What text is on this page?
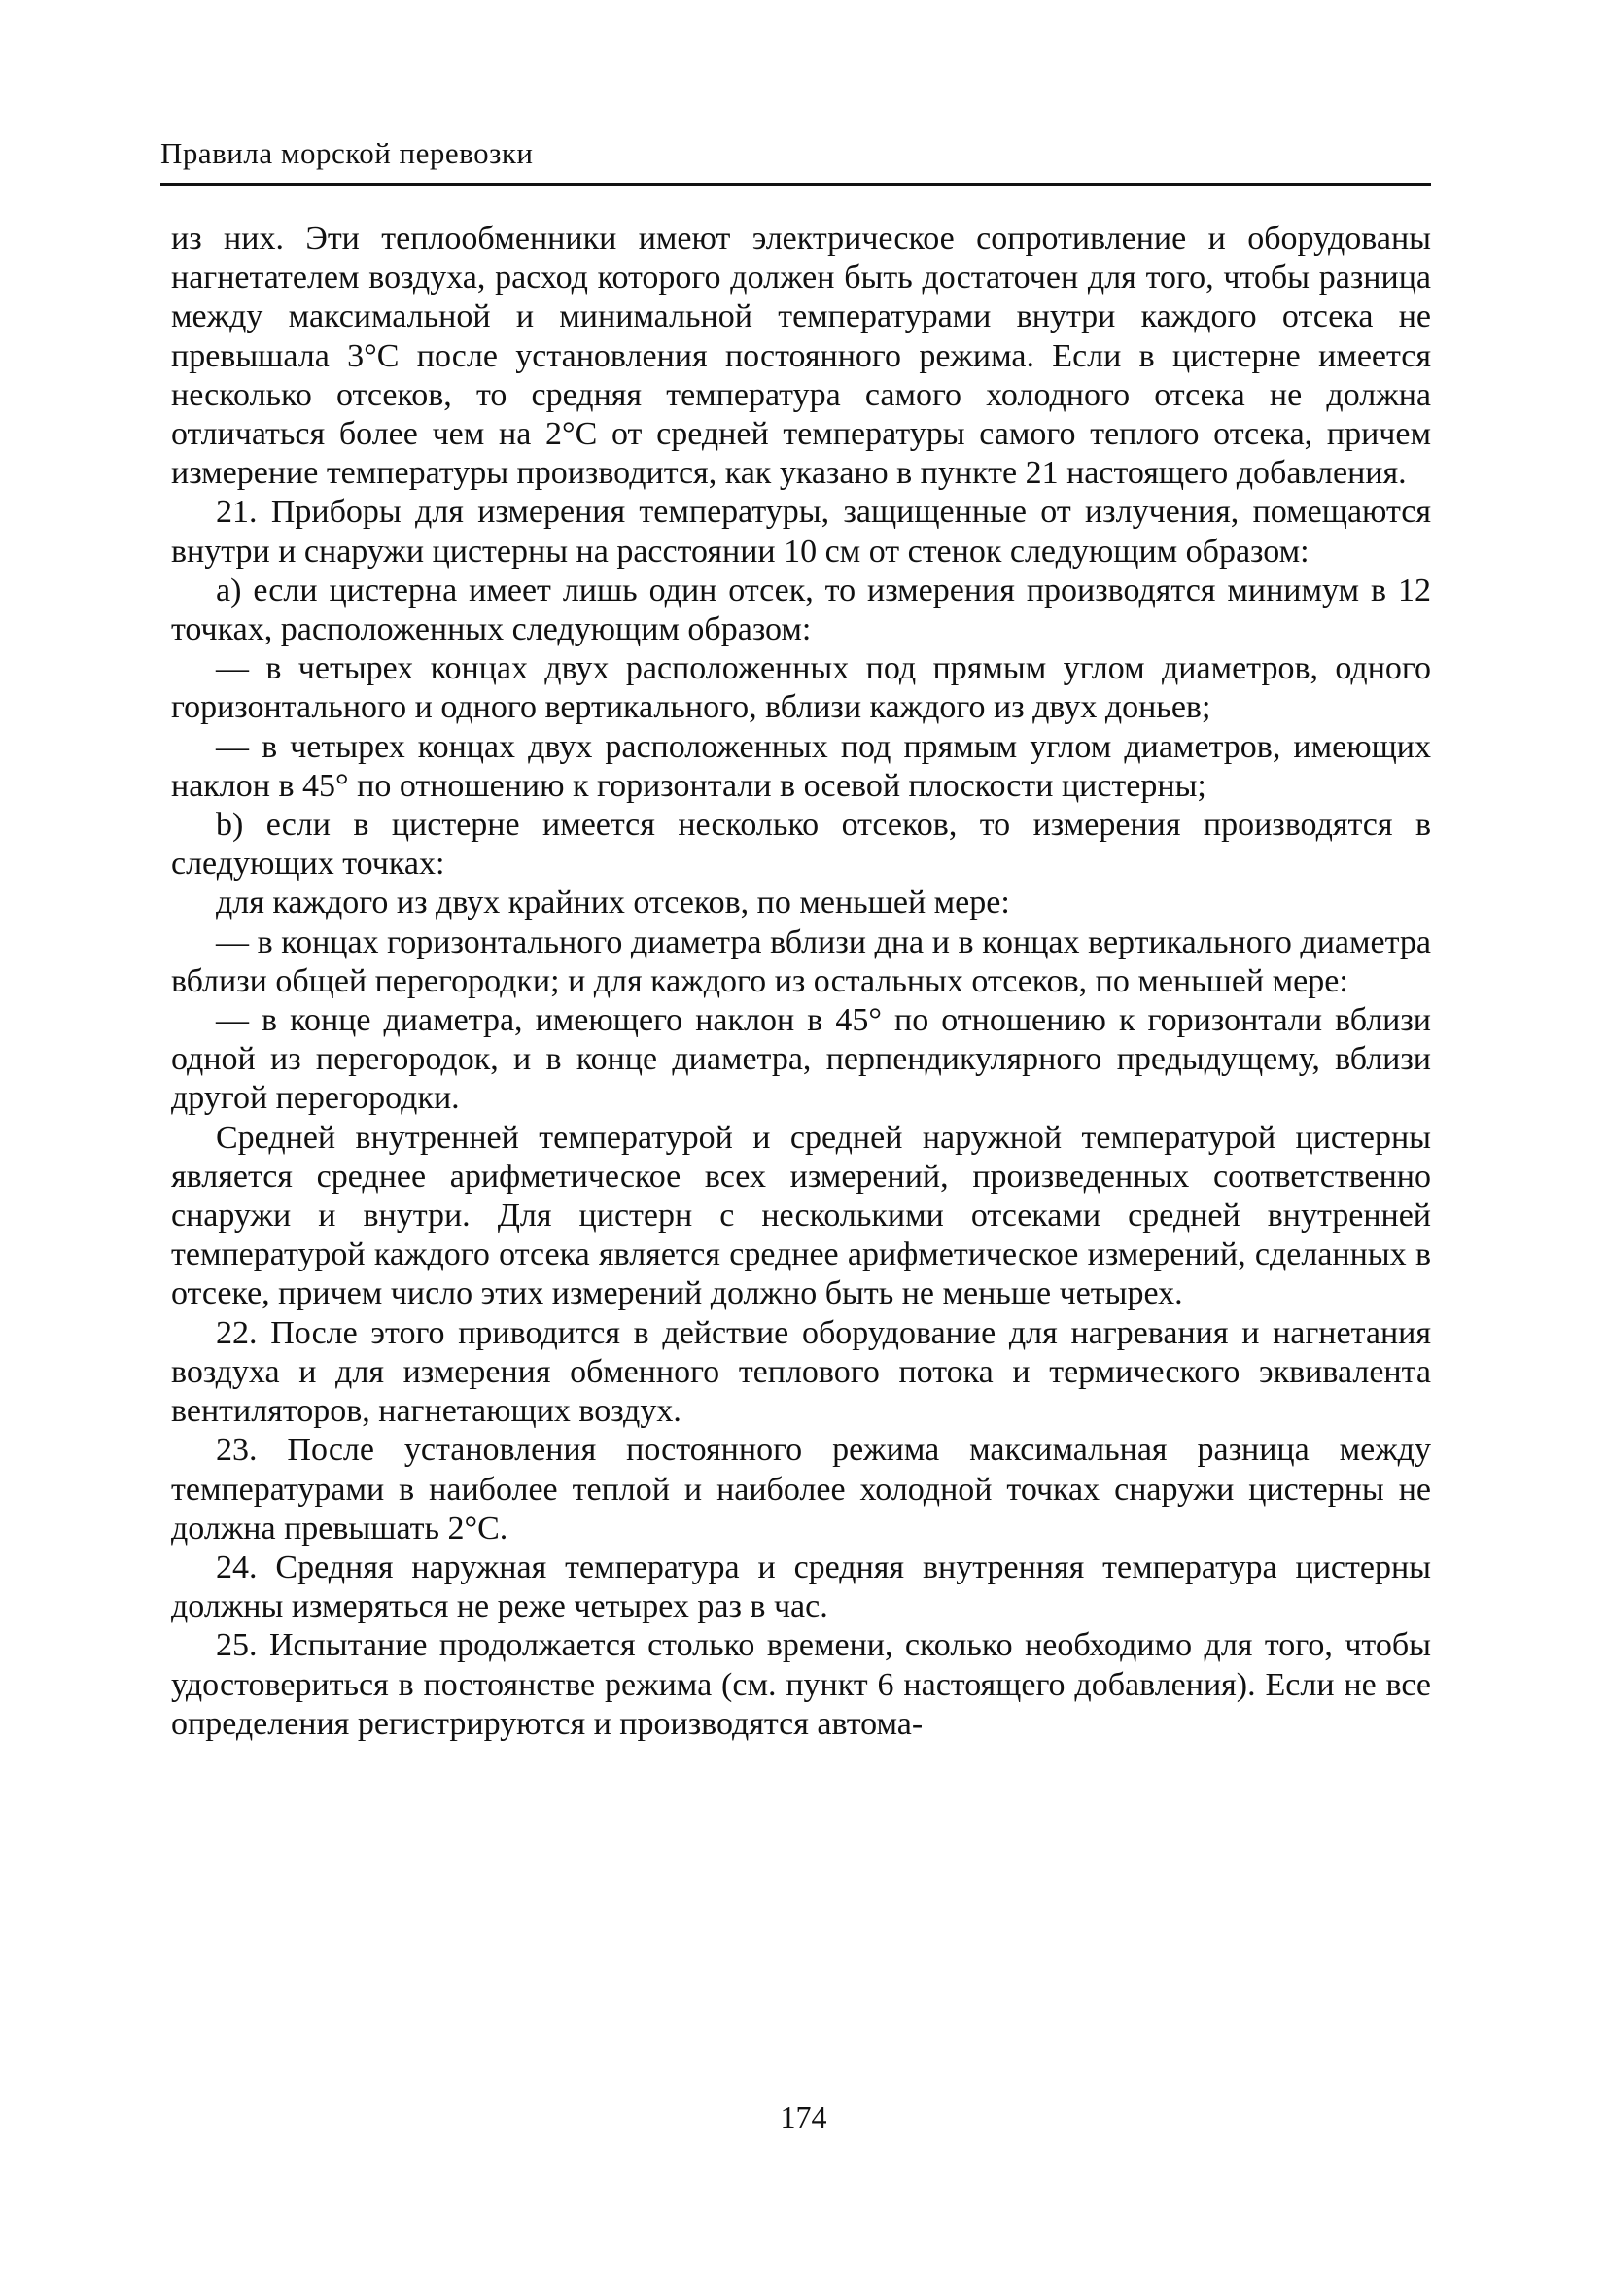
Правила морской перевозки

из них. Эти теплообменники имеют электрическое сопротивление и оборудованы нагнетателем воздуха, расход которого должен быть достаточен для того, чтобы разница между максимальной и минимальной температурами внутри каждого отсека не превышала 3°С после установления постоянного режима. Если в цистерне имеется несколько отсеков, то средняя температура самого холодного отсека не должна отличаться более чем на 2°С от средней температуры самого теплого отсека, причем измерение температуры производится, как указано в пункте 21 настоящего добавления.

21. Приборы для измерения температуры, защищенные от излучения, помещаются внутри и снаружи цистерны на расстоянии 10 см от стенок следующим образом:

a) если цистерна имеет лишь один отсек, то измерения производятся минимум в 12 точках, расположенных следующим образом:

— в четырех концах двух расположенных под прямым углом диаметров, одного горизонтального и одного вертикального, вблизи каждого из двух доньев;

— в четырех концах двух расположенных под прямым углом диаметров, имеющих наклон в 45° по отношению к горизонтали в осевой плоскости цистерны;

b) если в цистерне имеется несколько отсеков, то измерения производятся в следующих точках:

для каждого из двух крайних отсеков, по меньшей мере:

— в концах горизонтального диаметра вблизи дна и в концах вертикального диаметра вблизи общей перегородки; и для каждого из остальных отсеков, по меньшей мере:

— в конце диаметра, имеющего наклон в 45° по отношению к горизонтали вблизи одной из перегородок, и в конце диаметра, перпендикулярного предыдущему, вблизи другой перегородки.

Средней внутренней температурой и средней наружной температурой цистерны является среднее арифметическое всех измерений, произведенных соответственно снаружи и внутри. Для цистерн с несколькими отсеками средней внутренней температурой каждого отсека является среднее арифметическое измерений, сделанных в отсеке, причем число этих измерений должно быть не меньше четырех.

22. После этого приводится в действие оборудование для нагревания и нагнетания воздуха и для измерения обменного теплового потока и термического эквивалента вентиляторов, нагнетающих воздух.

23. После установления постоянного режима максимальная разница между температурами в наиболее теплой и наиболее холодной точках снаружи цистерны не должна превышать 2°С.

24. Средняя наружная температура и средняя внутренняя температура цистерны должны измеряться не реже четырех раз в час.

25. Испытание продолжается столько времени, сколько необходимо для того, чтобы удостовериться в постоянстве режима (см. пункт 6 настоящего добавления). Если не все определения регистрируются и производятся автома-

174
